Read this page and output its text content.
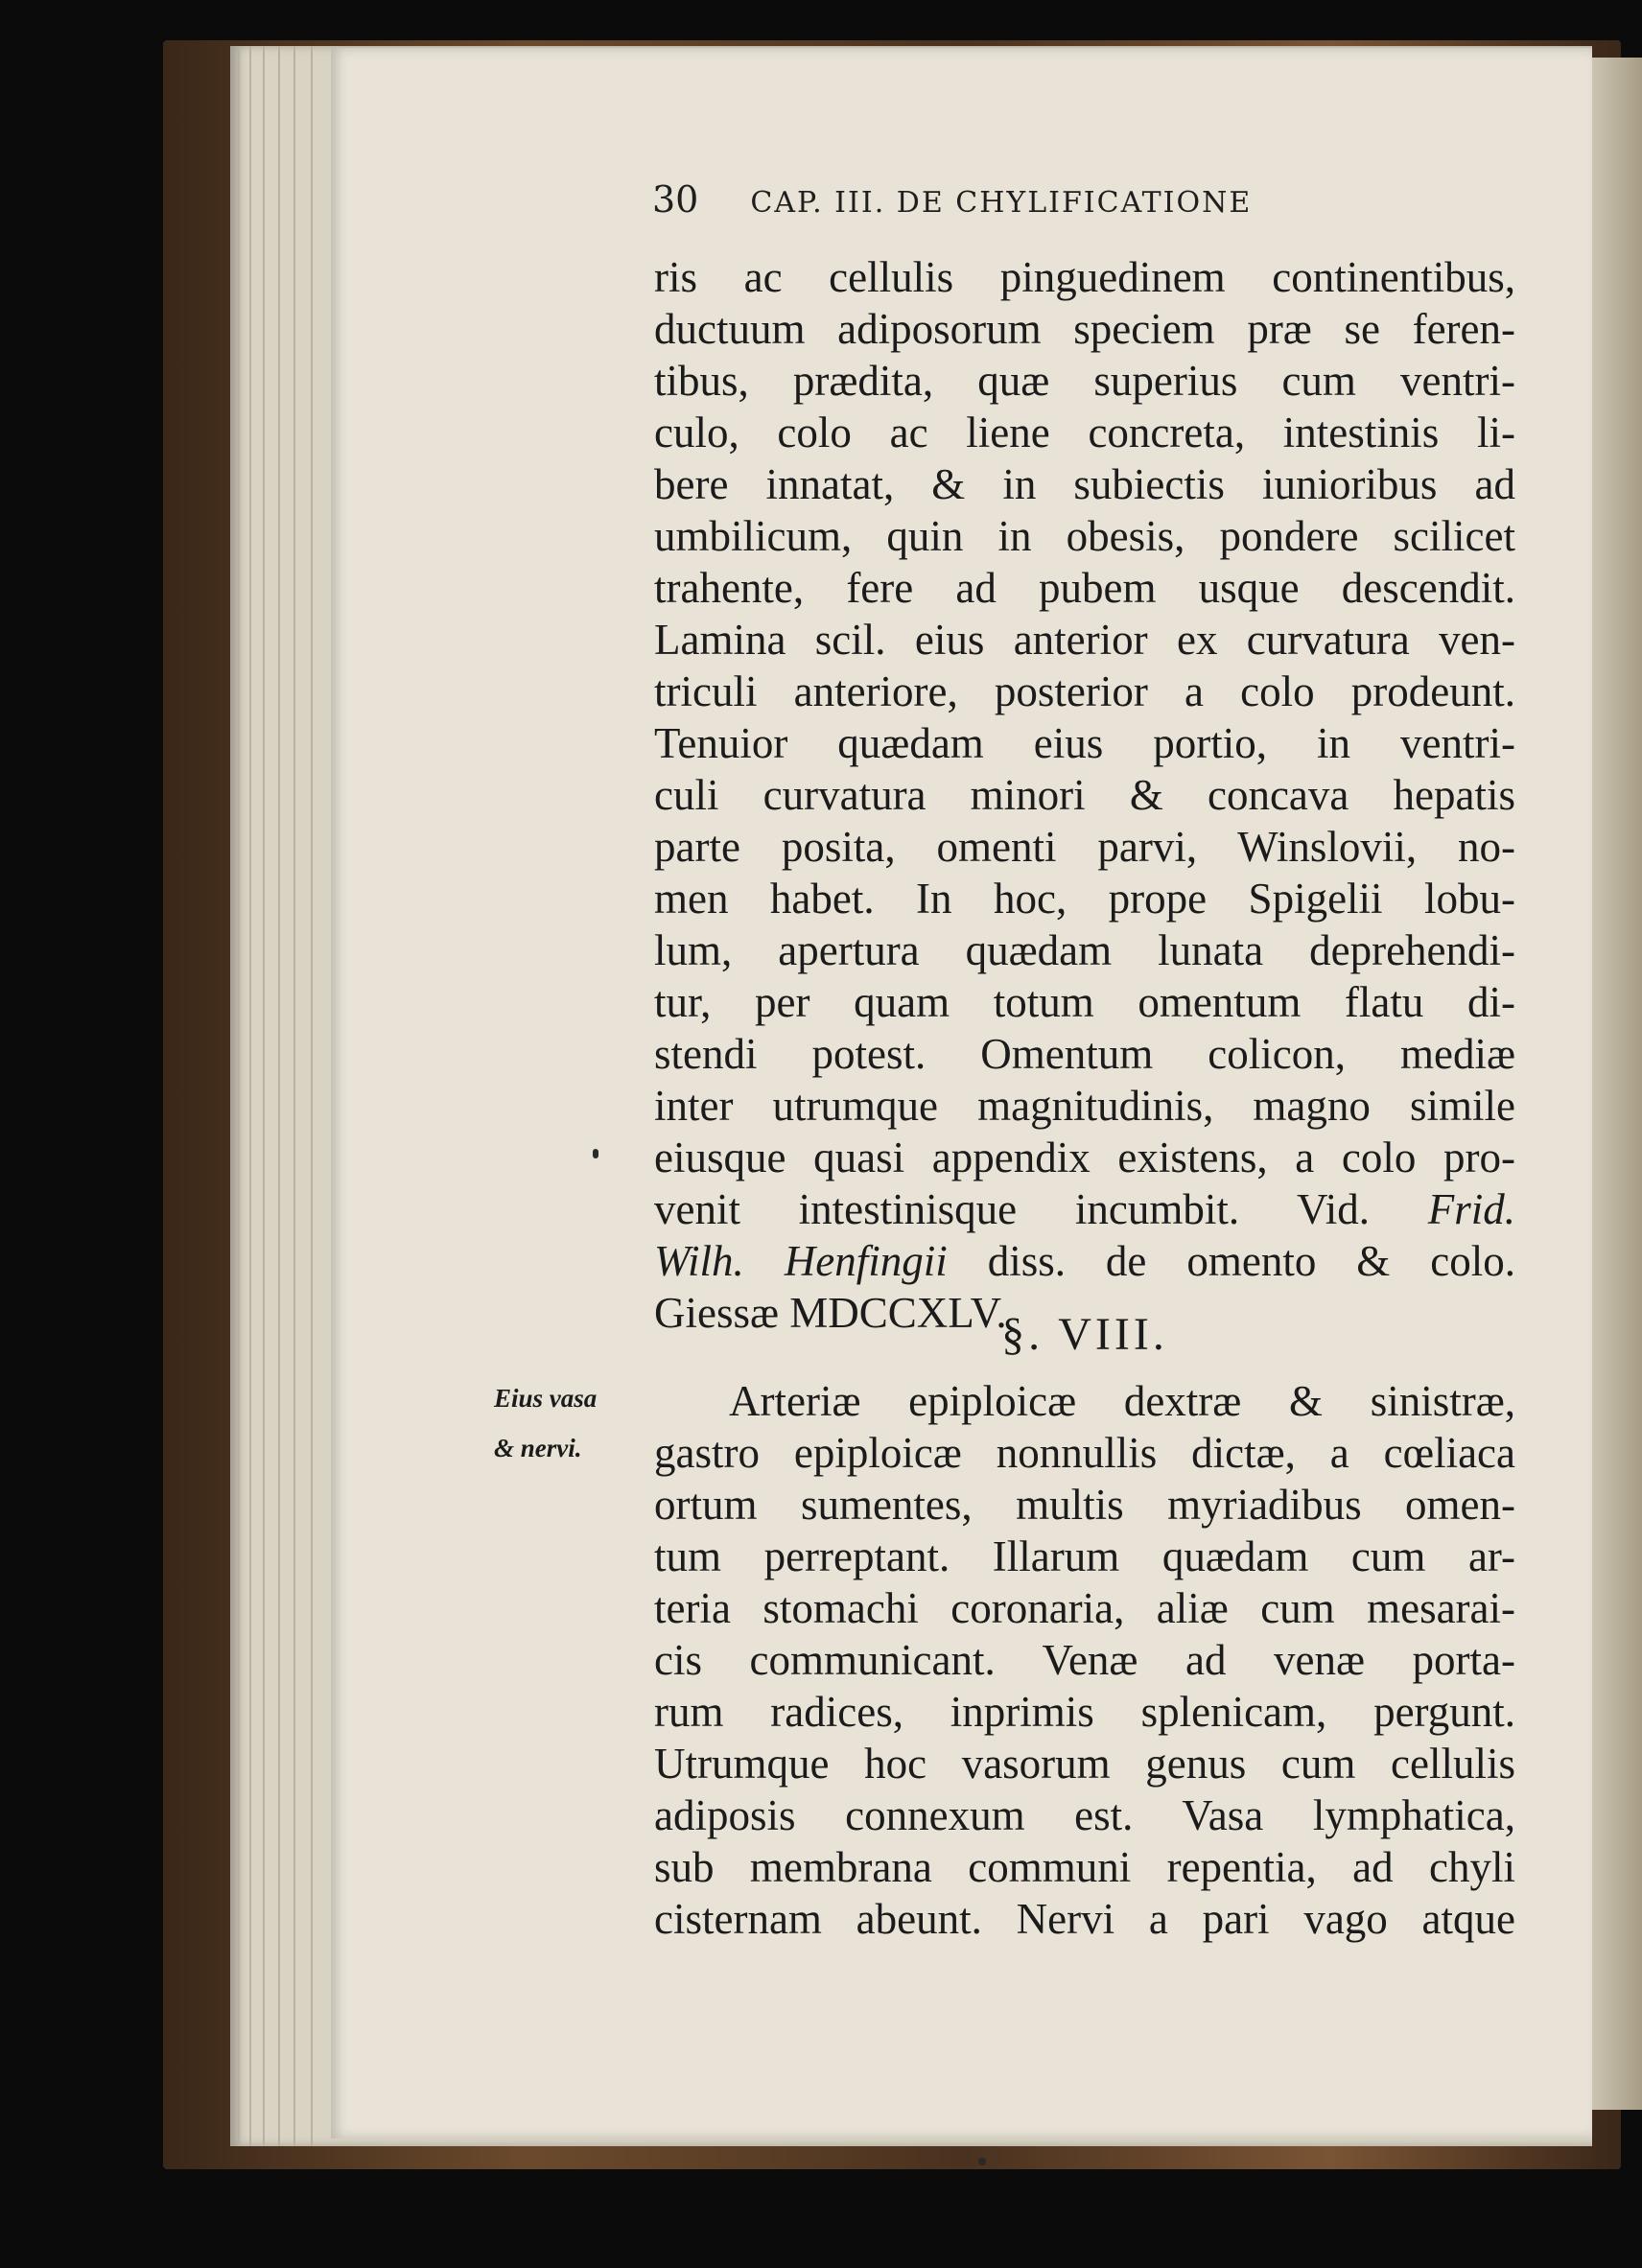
30 CAP. III. DE CHYLIFICATIONE
ris ac cellulis pinguedinem continentibus,
ductuum adiposorum speciem præ se feren-
tibus, prædita, quæ superius cum ventri-
culo, colo ac liene concreta, intestinis li-
bere innatat, & in subiectis iunioribus ad
umbilicum, quin in obesis, pondere scilicet
trahente, fere ad pubem usque descendit.
Lamina scil. eius anterior ex curvatura ven-
triculi anteriore, posterior a colo prodeunt.
Tenuior quædam eius portio, in ventri-
culi curvatura minori & concava hepatis
parte posita, omenti parvi, Winslovii, no-
men habet. In hoc, prope Spigelii lobu-
lum, apertura quædam lunata deprehendi-
tur, per quam totum omentum flatu di-
stendi potest. Omentum colicon, mediæ
inter utrumque magnitudinis, magno simile
eiusque quasi appendix existens, a colo pro-
venit intestinisque incumbit. Vid. Frid.
Wilh. Henfingii diss. de omento & colo.
Giessæ MDCCXLV.
§. VIII.
Eius vasa
& nervi.
Arteriæ epiploicæ dextræ & sinistræ,
gastro epiploicæ nonnullis dictæ, a cœliaca
ortum sumentes, multis myriadibus omen-
tum perreptant. Illarum quædam cum ar-
teria stomachi coronaria, aliæ cum mesarai-
cis communicant. Venæ ad venæ porta-
rum radices, inprimis splenicam, pergunt.
Utrumque hoc vasorum genus cum cellulis
adiposis connexum est. Vasa lymphatica,
sub membrana communi repentia, ad chyli
cisternam abeunt. Nervi a pari vago atque
